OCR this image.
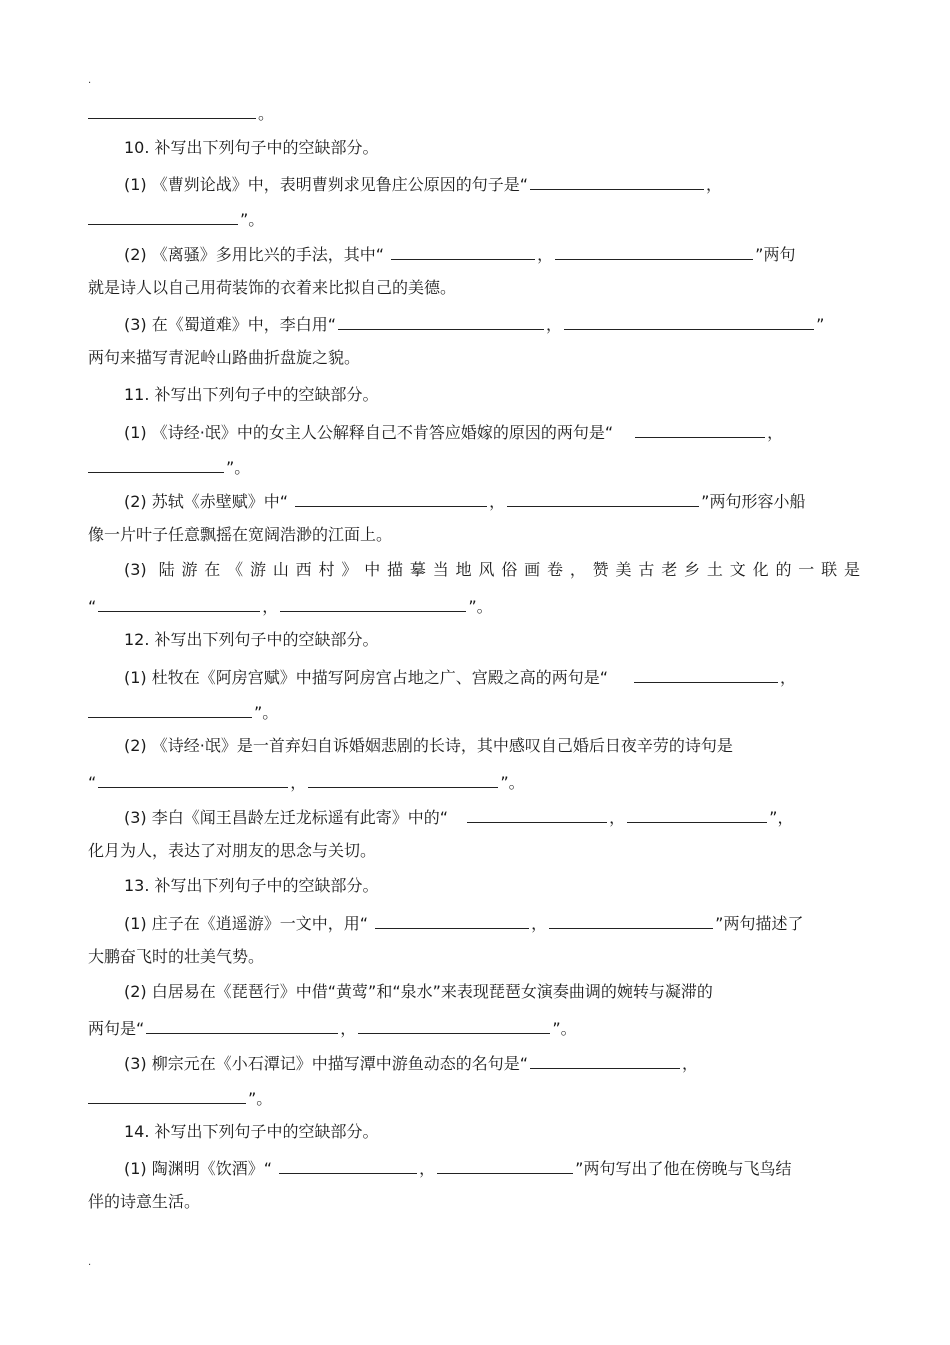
.
。
10. 补写出下列句子中的空缺部分。
(1) 《曹刿论战》中，表明曹刿求见鲁庄公原因的句子是“	，
”。
(2) 《离骚》多用比兴的手法，其中“	，	”两句
就是诗人以自己用荷装饰的衣着来比拟自己的美德。
(3) 在《蜀道难》中，李白用“	，	”
两句来描写青泥岭山路曲折盘旋之貌。
11. 补写出下列句子中的空缺部分。
(1) 《诗经·氓》中的女主人公解释自己不肯答应婚嫁的原因的两句是“	，
”。
(2) 苏轼《赤壁赋》中“	，	”两句形容小船
像一片叶子任意飘摇在宽阔浩渺的江面上。
(3) 陆游在《游山西村》中描摹当地风俗画卷，赞美古老乡土文化的一联是
“	，	”。
12. 补写出下列句子中的空缺部分。
(1) 杜牧在《阿房宫赋》中描写阿房宫占地之广、宫殿之高的两句是“	，
”。
(2) 《诗经·氓》是一首弃妇自诉婚姻悲剧的长诗，其中感叹自己婚后日夜辛劳的诗句是
“	，	”。
(3) 李白《闻王昌龄左迁龙标遥有此寄》中的“	，	”，
化月为人，表达了对朋友的思念与关切。
13. 补写出下列句子中的空缺部分。
(1) 庄子在《逍遥游》一文中，用“	，	”两句描述了
大鹏奋飞时的壮美气势。
(2) 白居易在《琵琶行》中借“黄莺”和“泉水”来表现琵琶女演奏曲调的婉转与凝滞的
两句是“	，	”。
(3) 柳宗元在《小石潭记》中描写潭中游鱼动态的名句是“	，
”。
14. 补写出下列句子中的空缺部分。
(1) 陶渊明《饮酒》“	，	”两句写出了他在傍晚与飞鸟结
伴的诗意生活。
.
